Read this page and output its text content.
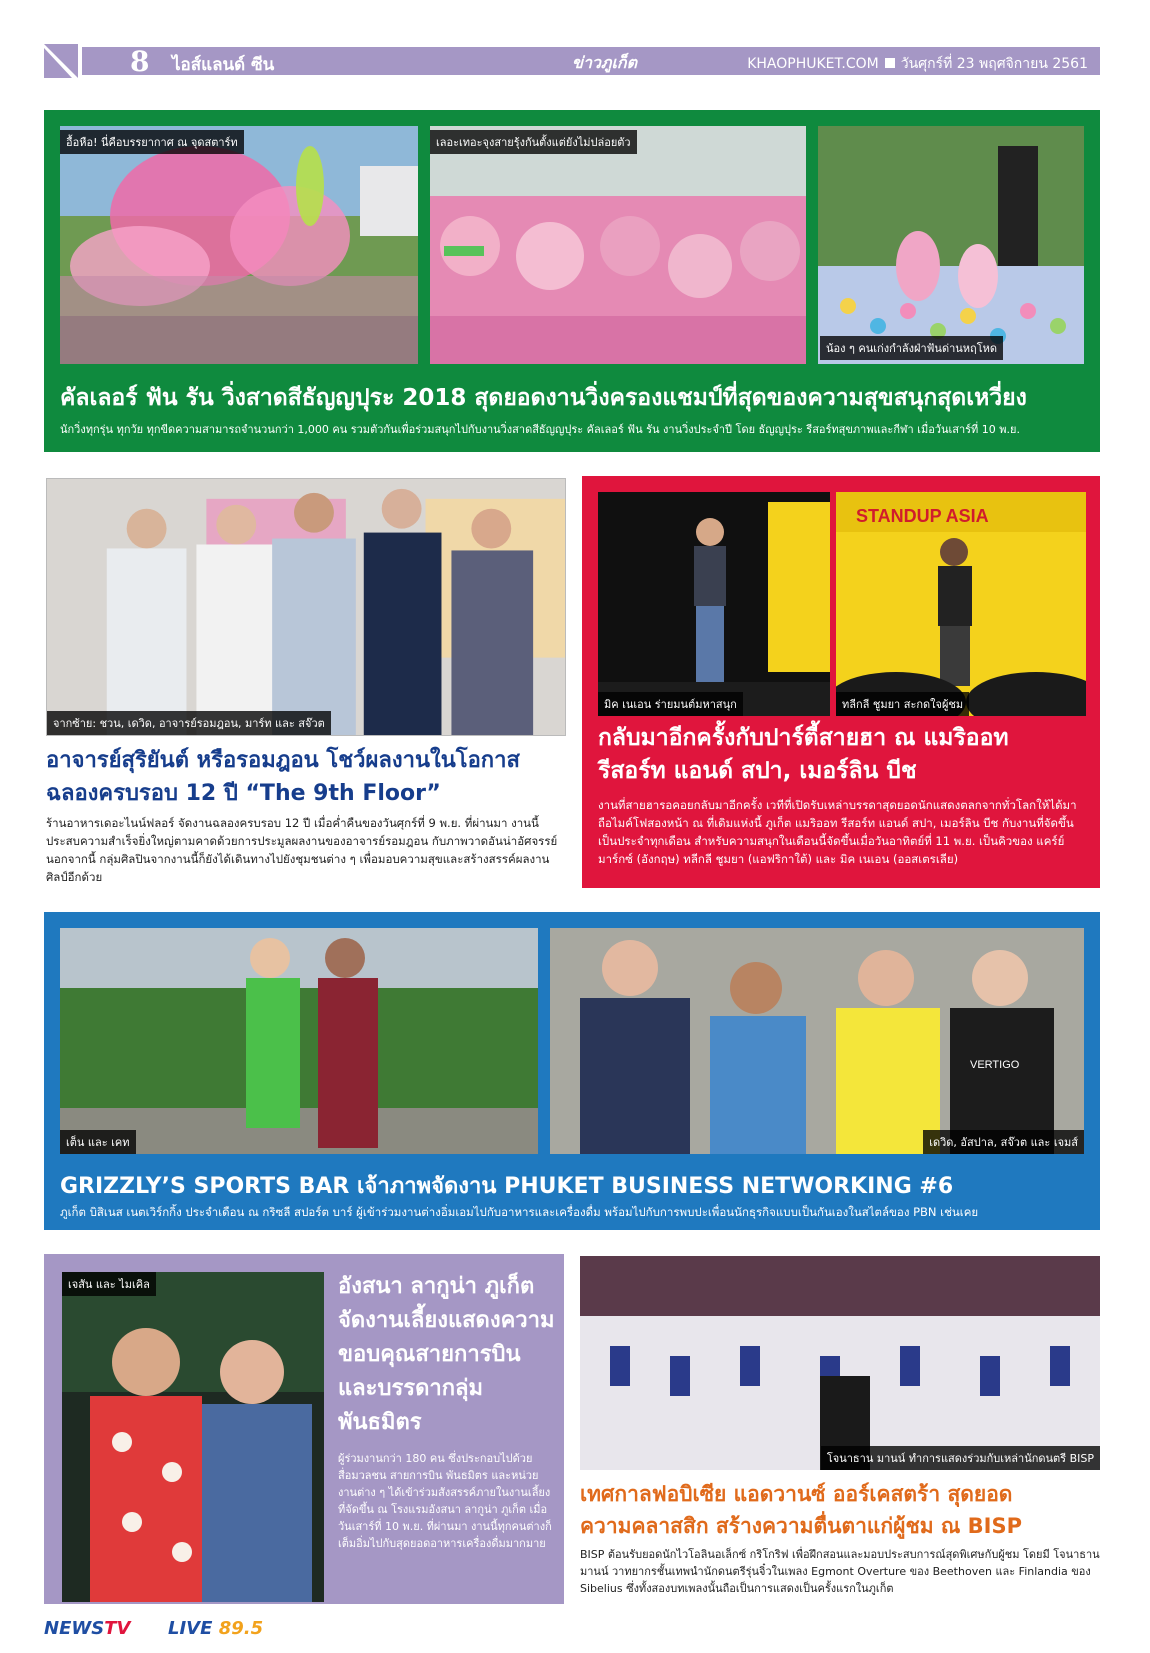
8 ไอส์แลนด์ ซีน	ข่าวภูเก็ต	KHAOPHUKET.COM วันศุกร์ที่ 23 พฤศจิกายน 2561
อื้อหือ! นี่คือบรรยากาศ ณ จุดสตาร์ท	เลอะเทอะจุงสายรุ้งกันตั้งแต่ยังไม่ปล่อยตัว
น้อง ๆ คนเก่งกำลังฝ่าฟันด่านหฤโหด
คัลเลอร์ ฟัน รัน วิ่งสาดสีธัญญปุระ 2018 สุดยอดงานวิ่งครองแชมป์ที่สุดของความสุขสนุกสุดเหวี่ยง
นักวิ่งทุกรุ่น ทุกวัย ทุกขีดความสามารถจำนวนกว่า 1,000 คน รวมตัวกันเพื่อร่วมสนุกไปกับงานวิ่งสาดสีธัญญปุระ คัลเลอร์ ฟัน รัน งานวิ่งประจำปี โดย ธัญญปุระ รีสอร์ทสุขภาพและกีฬา เมื่อวันเสาร์ที่ 10 พ.ย.
จากซ้าย: ชวน, เดวิด, อาจารย์รอมฎอน, มาร์ท และ สจ๊วต
อาจารย์สุริยันต์ หรือรอมฎอน โชว์ผลงานในโอกาส
ฉลองครบรอบ 12 ปี “The 9th Floor”
ร้านอาหารเดอะไนน์ฟลอร์ จัดงานฉลองครบรอบ 12 ปี เมื่อค่ำคืนของวันศุกร์ที่ 9 พ.ย. ที่ผ่านมา งานนี้ประสบความสำเร็จยิ่งใหญ่ตามคาดด้วยการประมูลผลงานของอาจารย์รอมฎอน กับภาพวาดอันน่าอัศจรรย์ นอกจากนี้ กลุ่มศิลปินจากงานนี้ก็ยังได้เดินทางไปยังชุมชนต่าง ๆ เพื่อมอบความสุขและสร้างสรรค์ผลงานศิลป์อีกด้วย
มิค เนเอน ร่ายมนต์มหาสนุก
STANDUP ASIA
ทลีกลี ชูมยา สะกดใจผู้ชม
กลับมาอีกครั้งกับปาร์ตี้สายฮา ณ แมริออท
รีสอร์ท แอนด์ สปา, เมอร์ลิน บีช
งานที่สายฮารอคอยกลับมาอีกครั้ง เวทีที่เปิดรับเหล่าบรรดาสุดยอดนักแสดงตลกจากทั่วโลกให้ได้มาถือไมค์โฟสองหน้า ณ ที่เดิมแห่งนี้ ภูเก็ต แมริออท รีสอร์ท แอนด์ สปา, เมอร์ลิน บีช กับงานที่จัดขึ้นเป็นประจำทุกเดือน สำหรับความสนุกในเดือนนี้จัดขึ้นเมื่อวันอาทิตย์ที่ 11 พ.ย. เป็นคิวของ แคร์ย์ มาร์กซ์ (อังกฤษ) ทลีกลี ชูมยา (แอฟริกาใต้) และ มิค เนเอน (ออสเตรเลีย)
เต็น และ เคท
VERTIGO
เดวิด, อัสปาล, สจ๊วต และ เจมส์
GRIZZLY’S SPORTS BAR เจ้าภาพจัดงาน PHUKET BUSINESS NETWORKING #6
ภูเก็ต บิสิเนส เนตเวิร์กกิ้ง ประจำเดือน ณ กริซลี สปอร์ต บาร์ ผู้เข้าร่วมงานต่างอิ่มเอมไปกับอาหารและเครื่องดื่ม พร้อมไปกับการพบปะเพื่อนนักธุรกิจแบบเป็นกันเองในสไตล์ของ PBN เช่นเคย
เจสัน และ ไมเคิล	อังสนา ลากูน่า ภูเก็ต จัดงานเลี้ยงแสดงความขอบคุณสายการบิน และบรรดากลุ่มพันธมิตร
ผู้ร่วมงานกว่า 180 คน ซึ่งประกอบไปด้วย สื่อมวลชน สายการบิน พันธมิตร และหน่วยงานต่าง ๆ ได้เข้าร่วมสังสรรค์ภายในงานเลี้ยงที่จัดขึ้น ณ โรงแรมอังสนา ลากูน่า ภูเก็ต เมื่อวันเสาร์ที่ 10 พ.ย. ที่ผ่านมา งานนี้ทุกคนต่างก็เต็มอิ่มไปกับสุดยอดอาหารเครื่องดื่มมากมาย
โจนาธาน มานน์ ทำการแสดงร่วมกับเหล่านักดนตรี BISP
เทศกาลฟอบิเซีย แอดวานซ์ ออร์เคสตร้า สุดยอด
ความคลาสสิก สร้างความตื่นตาแก่ผู้ชม ณ BISP
BISP ต้อนรับยอดนักไวโอลินอเล็กซ์ กริโกริฟ เพื่อฝึกสอนและมอบประสบการณ์สุดพิเศษกับผู้ชม โดยมี โจนาธาน มานน์ วาทยากรชั้นเทพนำนักดนตรีรุ่นจิ๋วในเพลง Egmont Overture ของ Beethoven และ Finlandia ของ Sibelius ซึ่งทั้งสองบทเพลงนั้นถือเป็นการแสดงเป็นครั้งแรกในภูเก็ต
NEWSTV LIVE 89.5
